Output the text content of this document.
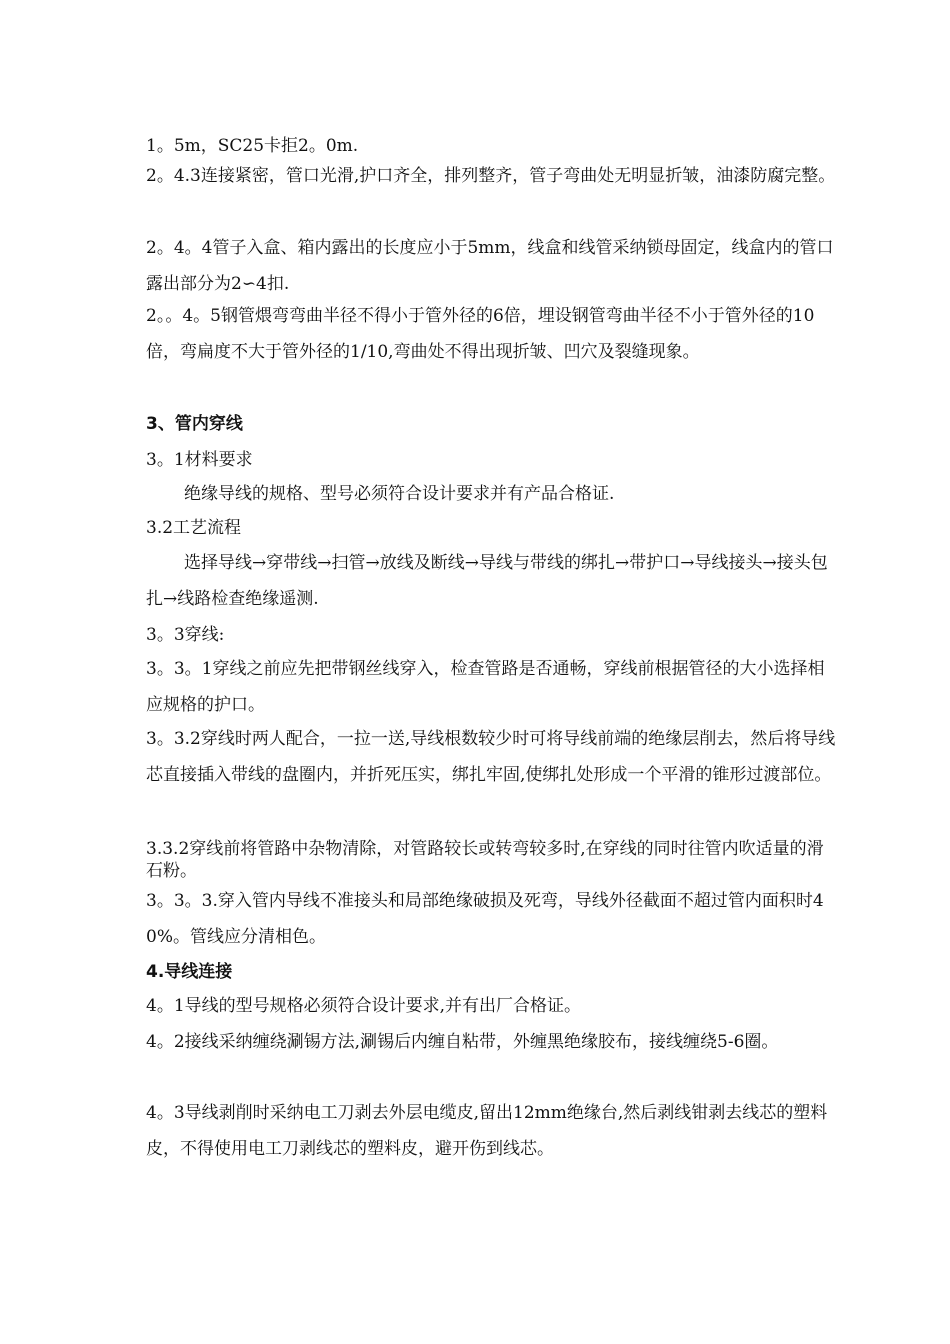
1。5m，SC25卡拒2。0m.

2。4.3连接紧密，管口光滑,护口齐全，排列整齐，管子弯曲处无明显折皱，油漆防腐完整。

2。4。4管子入盒、箱内露出的长度应小于5mm，线盒和线管采纳锁母固定，线盒内的管口露出部分为2∽4扣.

2。。4。5钢管煨弯弯曲半径不得小于管外径的6倍，埋设钢管弯曲半径不小于管外径的10倍，弯扁度不大于管外径的1/10,弯曲处不得出现折皱、凹穴及裂缝现象。

3、管内穿线

3。1材料要求

绝缘导线的规格、型号必须符合设计要求并有产品合格证.

3.2工艺流程

选择导线→穿带线→扫管→放线及断线→导线与带线的绑扎→带护口→导线接头→接头包扎→线路检查绝缘遥测.

3。3穿线:

3。3。1穿线之前应先把带钢丝线穿入，检查管路是否通畅，穿线前根据管径的大小选择相应规格的护口。

3。3.2穿线时两人配合，一拉一送,导线根数较少时可将导线前端的绝缘层削去，然后将导线芯直接插入带线的盘圈内，并折死压实，绑扎牢固,使绑扎处形成一个平滑的锥形过渡部位。

3.3.2穿线前将管路中杂物清除，对管路较长或转弯较多时,在穿线的同时往管内吹适量的滑石粉。

3。3。3.穿入管内导线不准接头和局部绝缘破损及死弯，导线外径截面不超过管内面积时40%。管线应分清相色。

4.导线连接

4。1导线的型号规格必须符合设计要求,并有出厂合格证。

4。2接线采纳缠绕涮锡方法,涮锡后内缠自粘带，外缠黑绝缘胶布，接线缠绕5-6圈。

4。3导线剥削时采纳电工刀剥去外层电缆皮,留出12mm绝缘台,然后剥线钳剥去线芯的塑料皮，不得使用电工刀剥线芯的塑料皮，避开伤到线芯。
